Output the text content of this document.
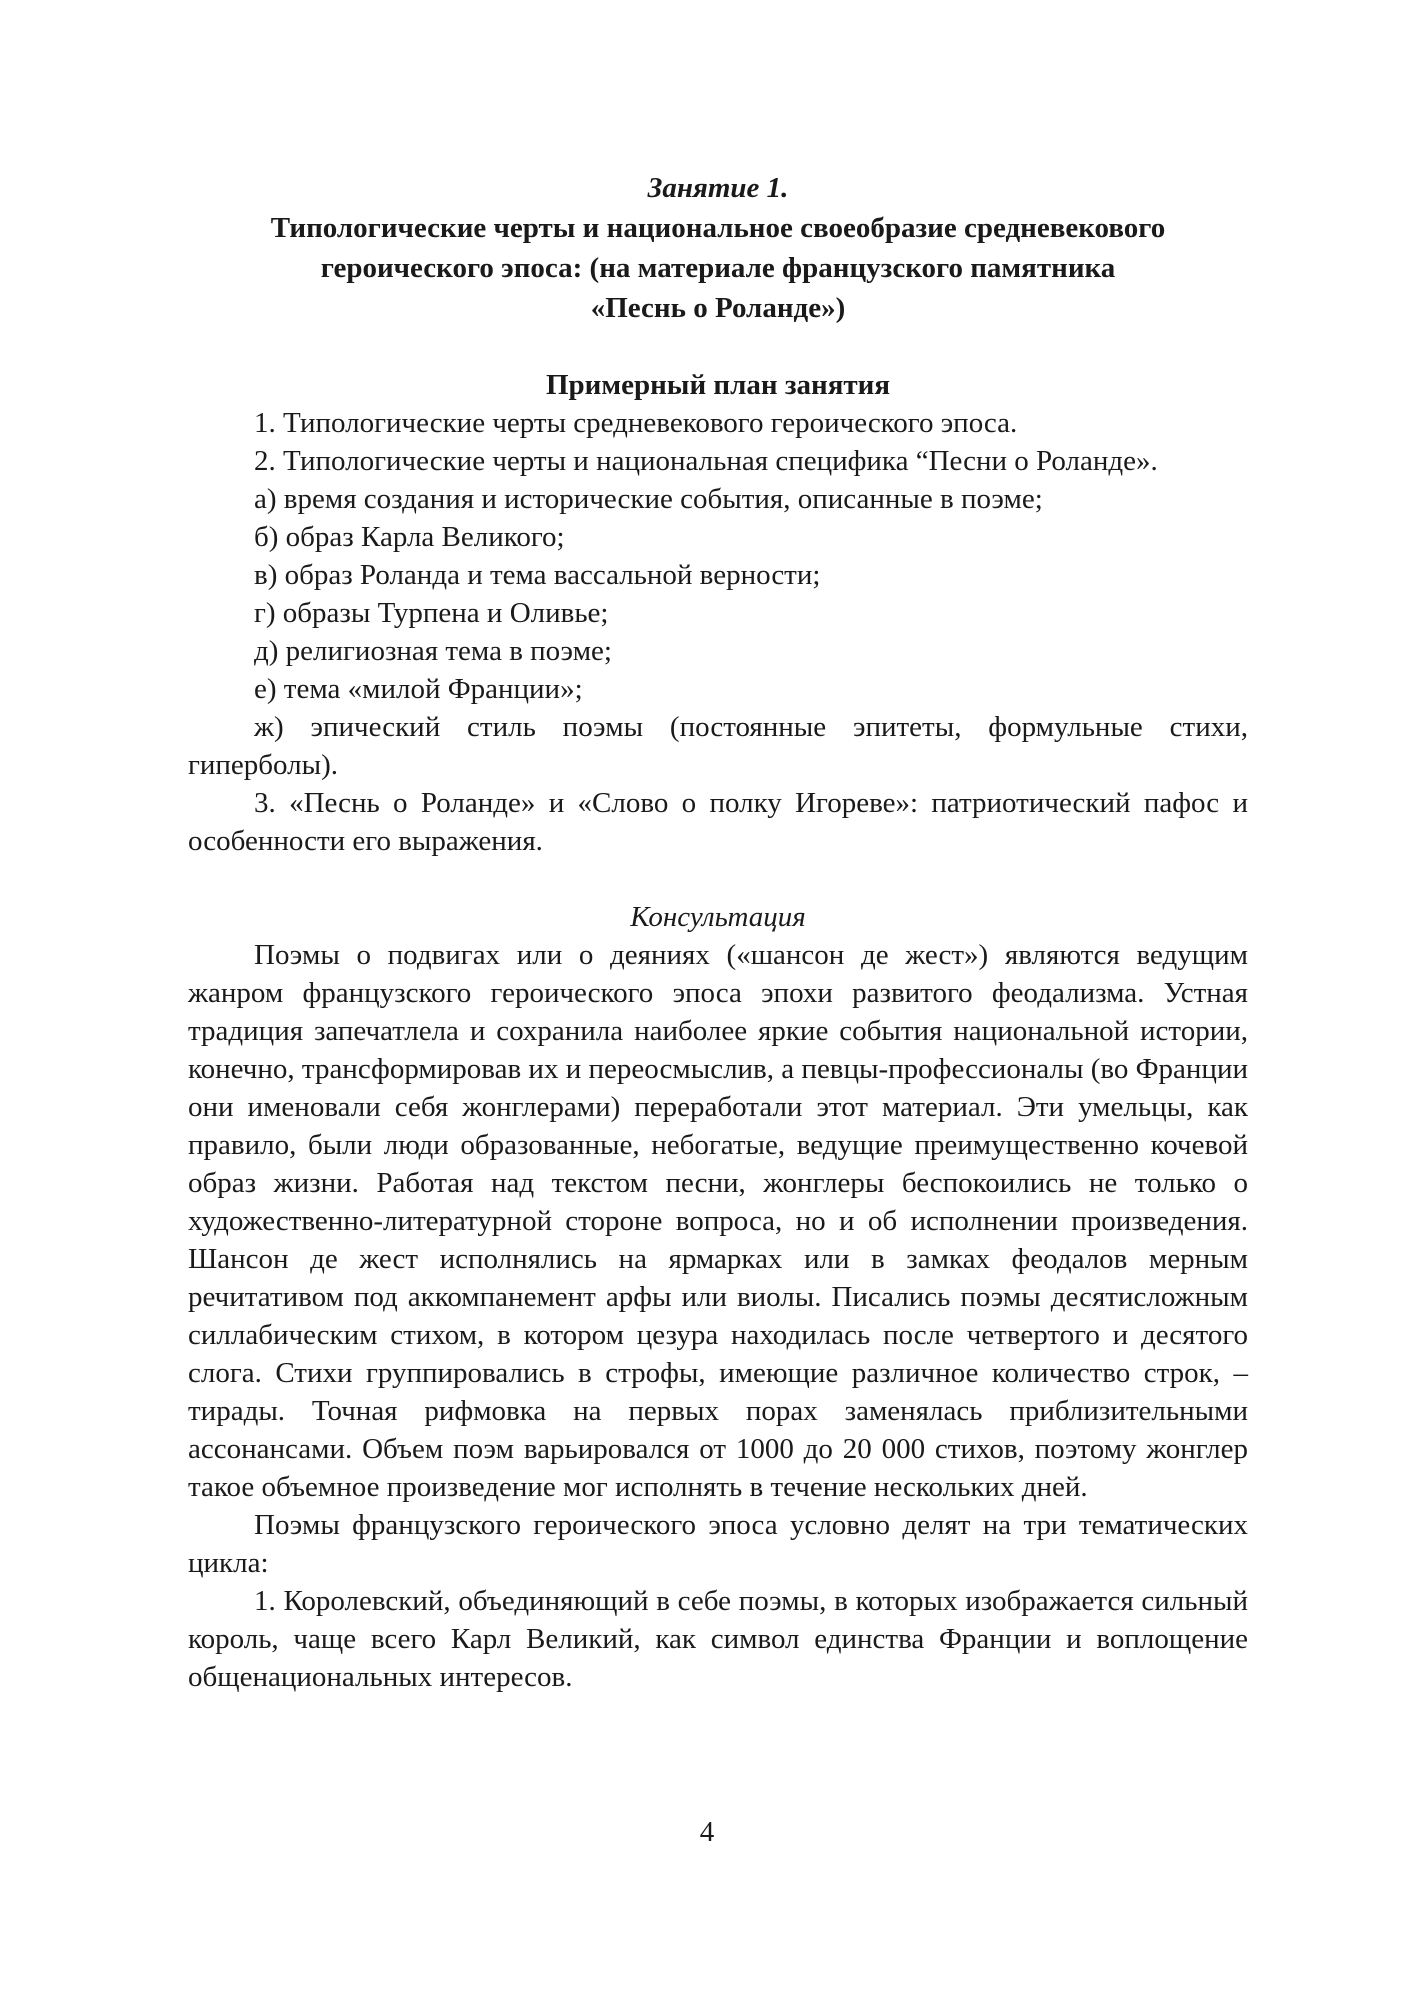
Занятие 1.

Типологические черты и национальное своеобразие средневекового

героического эпоса: (на материале французского памятника

«Песнь о Роланде»)

Примерный план занятия

1. Типологические черты средневекового героического эпоса.

2. Типологические черты и национальная специфика “Песни о Роланде».

а) время создания и исторические события, описанные в поэме;

б) образ Карла Великого;

в) образ Роланда и тема вассальной верности;

г) образы Турпена и Оливье;

д) религиозная тема в поэме;

е) тема «милой Франции»;

ж) эпический стиль поэмы (постоянные эпитеты, формульные стихи, гиперболы).

3. «Песнь о Роланде» и «Слово о полку Игореве»: патриотический пафос и особенности его выражения.

Консультация

Поэмы о подвигах или о деяниях («шансон де жест») являются ведущим жанром французского героического эпоса эпохи развитого феодализма. Устная традиция запечатлела и сохранила наиболее яркие события национальной истории, конечно, трансформировав их и переосмыслив, а певцы-профессионалы (во Франции они именовали себя жонглерами) переработали этот материал. Эти умельцы, как правило, были люди образованные, небогатые, ведущие преимущественно кочевой образ жизни. Работая над текстом песни, жонглеры беспокоились не только о художественно-литературной стороне вопроса, но и об исполнении произведения. Шансон де жест исполнялись на ярмарках или в замках феодалов мерным речитативом под аккомпанемент арфы или виолы. Писались поэмы десятисложным силлабическим стихом, в котором цезура находилась после четвертого и десятого слога. Стихи группировались в строфы, имеющие различное количество строк, – тирады. Точная рифмовка на первых порах заменялась приблизительными ассонансами. Объем поэм варьировался от 1000 до 20 000 стихов, поэтому жонглер такое объемное произведение мог исполнять в течение нескольких дней.

Поэмы французского героического эпоса условно делят на три тематических цикла:

1. Королевский, объединяющий в себе поэмы, в которых изображается сильный король, чаще всего Карл Великий, как символ единства Франции и воплощение общенациональных интересов.

4
